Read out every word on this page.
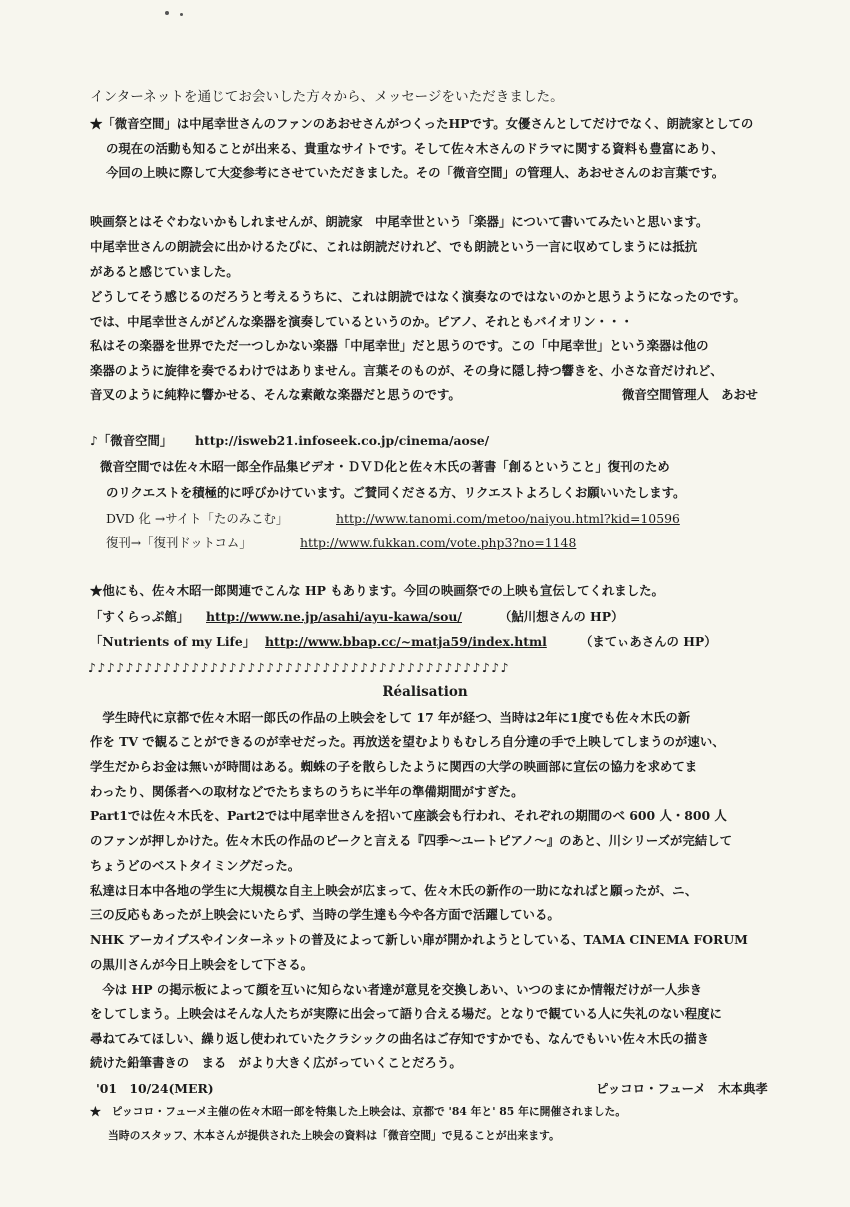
インターネットを通じてお会いした方々から、メッセージをいただきました。
★「微音空間」は中尾幸世さんのファンのあおせさんがつくったHPです。女優さんとしてだけでなく、朗読家としての
の現在の活動も知ることが出来る、貴重なサイトです。そして佐々木さんのドラマに関する資料も豊富にあり、
今回の上映に際して大変参考にさせていただきました。その「微音空間」の管理人、あおせさんのお言葉です。
映画祭とはそぐわないかもしれませんが、朗読家　中尾幸世という「楽器」について書いてみたいと思います。
中尾幸世さんの朗読会に出かけるたびに、これは朗読だけれど、でも朗読という一言に収めてしまうには抵抗
があると感じていました。
どうしてそう感じるのだろうと考えるうちに、これは朗読ではなく演奏なのではないのかと思うようになったのです。
では、中尾幸世さんがどんな楽器を演奏しているというのか。ピアノ、それともバイオリン・・・
私はその楽器を世界でただ一つしかない楽器「中尾幸世」だと思うのです。この「中尾幸世」という楽器は他の
楽器のように旋律を奏でるわけではありません。言葉そのものが、その身に隠し持つ響きを、小さな音だけれど、
音叉のように純粋に響かせる、そんな素敵な楽器だと思うのです。	微音空間管理人　あおせ
♪「微音空間」 http://isweb21.infoseek.co.jp/cinema/aose/
微音空間では佐々木昭一郎全作品集ビデオ・ＤＶＤ化と佐々木氏の著書「創るということ」復刊のため
のリクエストを積極的に呼びかけています。ご賛同くださる方、リクエストよろしくお願いいたします。
DVD 化 →サイト「たのみこむ」	http://www.tanomi.com/metoo/naiyou.html?kid=10596
復刊→「復刊ドットコム」	http://www.fukkan.com/vote.php3?no=1148
★他にも、佐々木昭一郎関連でこんな HP もあります。今回の映画祭での上映も宣伝してくれました。
「すくらっぷ館」 http://www.ne.jp/asahi/ayu-kawa/sou/	（鮎川想さんの HP）
「Nutrients of my Life」 http://www.bbap.cc/~matja59/index.html	（まてぃあさんの HP）
♪♪♪♪♪♪♪♪♪♪♪♪♪♪♪♪♪♪♪♪♪♪♪♪♪♪♪♪♪♪♪♪♪♪♪♪♪♪♪♪♪♪♪♪♪
Réalisation
　学生時代に京都で佐々木昭一郎氏の作品の上映会をして 17 年が経つ、当時は2年に1度でも佐々木氏の新
作を TV で観ることができるのが幸せだった。再放送を望むよりもむしろ自分達の手で上映してしまうのが速い、
学生だからお金は無いが時間はある。蜘蛛の子を散らしたように関西の大学の映画部に宣伝の協力を求めてま
わったり、関係者への取材などでたちまちのうちに半年の準備期間がすぎた。
Part1では佐々木氏を、Part2では中尾幸世さんを招いて座談会も行われ、それぞれの期間のべ 600 人・800 人
のファンが押しかけた。佐々木氏の作品のピークと言える『四季～ユートピアノ～』のあと、川シリーズが完結して
ちょうどのベストタイミングだった。
私達は日本中各地の学生に大規模な自主上映会が広まって、佐々木氏の新作の一助になればと願ったが、ニ、
三の反応もあったが上映会にいたらず、当時の学生達も今や各方面で活躍している。
NHK アーカイブスやインターネットの普及によって新しい扉が開かれようとしている、TAMA CINEMA FORUM
の黒川さんが今日上映会をして下さる。
　今は HP の掲示板によって顔を互いに知らない者達が意見を交換しあい、いつのまにか情報だけが一人歩き
をしてしまう。上映会はそんな人たちが実際に出会って語り合える場だ。となりで観ている人に失礼のない程度に
尋ねてみてほしい、繰り返し使われていたクラシックの曲名はご存知ですかでも、なんでもいい佐々木氏の描き
続けた鉛筆書きの　まる　がより大きく広がっていくことだろう。
'01　10/24(MER)	ピッコロ・フューメ　木本典孝
★　ピッコロ・フューメ主催の佐々木昭一郎を特集した上映会は、京都で '84 年と' 85 年に開催されました。
当時のスタッフ、木本さんが提供された上映会の資料は「微音空間」で見ることが出来ます。
